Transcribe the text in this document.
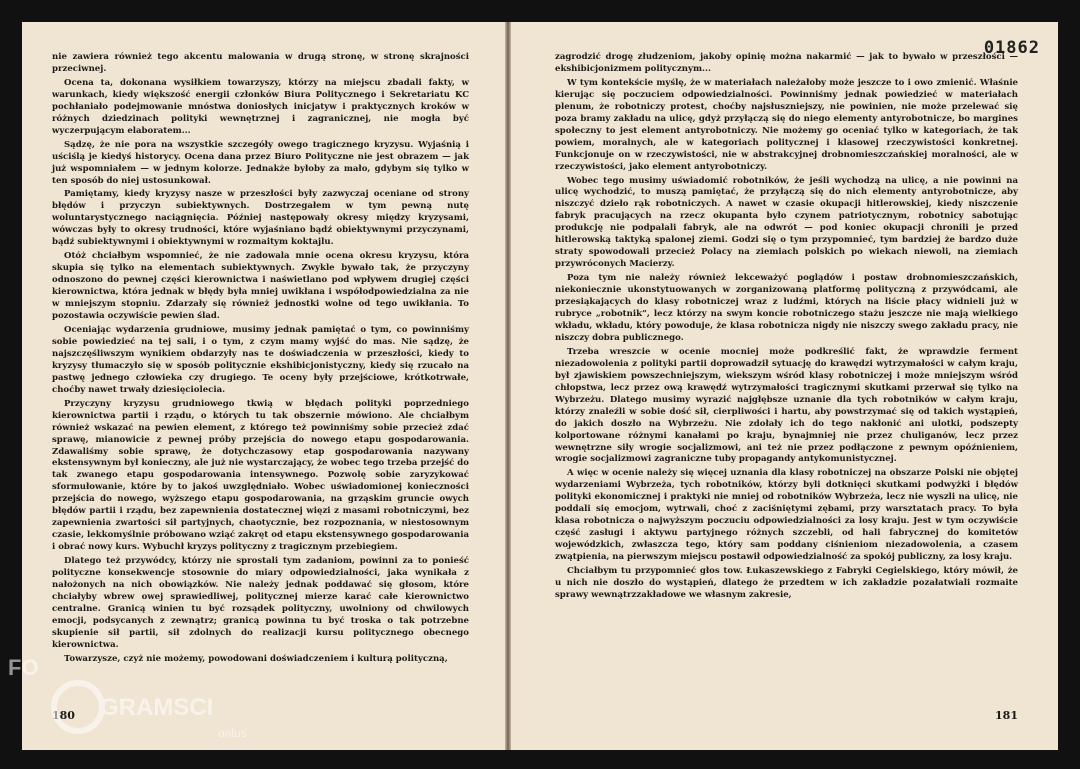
nie zawiera również tego akcentu malowania w drugą stronę, w stronę skrajności przeciwnej.

Ocena ta, dokonana wysiłkiem towarzyszy, którzy na miejscu zbadali fakty, w warunkach, kiedy większość energii członków Biura Politycznego i Sekretariatu KC pochłaniało podejmowanie mnóstwa doniosłych inicjatyw i praktycznych kroków w różnych dziedzinach polityki wewnętrznej i zagranicznej, nie mogła być wyczerpującym elaboratem...

Sądzę, że nie pora na wszystkie szczegóły owego tragicznego kryzysu. Wyjaśnią i uściślą je kiedyś historycy. Ocena dana przez Biuro Polityczne nie jest obrazem — jak już wspomniałem — w jednym kolorze. Jednakże byłoby za mało, gdybym się tylko w ten sposób do niej ustosunkował.

Pamiętamy, kiedy kryzysy nasze w przeszłości były zazwyczaj oceniane od strony błędów i przyczyn subiektywnych. Dostrzegałem w tym pewną nutę woluntarystycznego naciągnięcia. Później następowały okresy między kryzysami, wówczas były to okresy trudności, które wyjaśniano bądź obiektywnymi przyczynami, bądź subiektywnymi i obiektywnymi w rozmaitym koktajlu.

Otóż chciałbym wspomnieć, że nie zadowala mnie ocena okresu kryzysu, która skupia się tylko na elementach subiektywnych. Zwykle bywało tak, że przyczyny odnoszono do pewnej części kierownictwa i naświetlano pod wpływem drugiej części kierownictwa, która jednak w błędy była mniej uwikłana i współodpowiedzialna za nie w mniejszym stopniu. Zdarzały się również jednostki wolne od tego uwikłania. To pozostawia oczywiście pewien ślad.

Oceniając wydarzenia grudniowe, musimy jednak pamiętać o tym, co powinniśmy sobie powiedzieć na tej sali, i o tym, z czym mamy wyjść do mas. Nie sądzę, że najszczęśliwszym wynikiem obdarzyły nas te doświadczenia w przeszłości, kiedy to kryzysy tłumaczyło się w sposób politycznie ekshibicjonistyczny, kiedy się rzucało na pastwę jednego człowieka czy drugiego. Te oceny były przejściowe, krótkotrwałe, choćby nawet trwały dziesięciolecia.

Przyczyny kryzysu grudniowego tkwią w błędach polityki poprzedniego kierownictwa partii i rządu, o których tu tak obszernie mówiono. Ale chciałbym również wskazać na pewien element, z którego też powinniśmy sobie przecież zdać sprawę, mianowicie z pewnej próby przejścia do nowego etapu gospodarowania. Zdawaliśmy sobie sprawę, że dotychczasowy etap gospodarowania nazywany ekstensywnym był konieczny, ale już nie wystarczający, że wobec tego trzeba przejść do tak zwanego etapu gospodarowania intensywnego. Pozwolę sobie zaryzykować sformułowanie, które by to jakoś uwzględniało. Wobec uświadomionej konieczności przejścia do nowego, wyższego etapu gospodarowania, na grząskim gruncie owych błędów partii i rządu, bez zapewnienia dostatecznej więzi z masami robotniczymi, bez zapewnienia zwartości sił partyjnych, chaotycznie, bez rozpoznania, w niestosownym czasie, lekkomyślnie próbowano wziąć zakręt od etapu ekstensywnego gospodarowania i obrać nowy kurs. Wybuchł kryzys polityczny z tragicznym przebiegiem.

Dlatego też przywódcy, którzy nie sprostali tym zadaniom, powinni za to ponieść polityczne konsekwencje stosownie do miary odpowiedzialności, jaka wynikała z nałożonych na nich obowiązków. Nie należy jednak poddawać się głosom, które chciałyby wbrew owej sprawiedliwej, politycznej mierze karać całe kierownictwo centralne. Granicą winien tu być rozsądek polityczny, uwolniony od chwilowych emocji, podsycanych z zewnątrz; granicą powinna tu być troska o tak potrzebne skupienie sił partii, sił zdolnych do realizacji kursu politycznego obecnego kierownictwa.

Towarzysze, czyż nie możemy, powodowani doświadczeniem i kulturą polityczną,

180
01862

zagrodzić drogę złudzeniom, jakoby opinię można nakarmić — jak to bywało w przeszłości — ekshibicjonizmem politycznym...

W tym kontekście myślę, że w materiałach należałoby może jeszcze to i owo zmienić. Właśnie kierując się poczuciem odpowiedzialności. Powinniśmy jednak powiedzieć w materiałach plenum, że robotniczy protest, choćby najsłuszniejszy, nie powinien, nie może przelewać się poza bramy zakładu na ulicę, gdyż przyłączą się do niego elementy antyrobotnicze, bo margines społeczny to jest element antyrobotniczy. Nie możemy go oceniać tylko w kategoriach, że tak powiem, moralnych, ale w kategoriach politycznej i klasowej rzeczywistości konkretnej. Funkcjonuje on w rzeczywistości, nie w abstrakcyjnej drobnomieszczańskiej moralności, ale w rzeczywistości, jako element antyrobotniczy.

Wobec tego musimy uświadomić robotników, że jeśli wychodzą na ulicę, a nie powinni na ulicę wychodzić, to muszą pamiętać, że przyłączą się do nich elementy antyrobotnicze, aby niszczyć dzieło rąk robotniczych. A nawet w czasie okupacji hitlerowskiej, kiedy niszczenie fabryk pracujących na rzecz okupanta było czynem patriotycznym, robotnicy sabotując produkcję nie podpalali fabryk, ale na odwrót — pod koniec okupacji chronili je przed hitlerowską taktyką spalonej ziemi. Godzi się o tym przypomnieć, tym bardziej że bardzo duże straty spowodowali przecież Polacy na ziemiach polskich po wiekach niewoli, na ziemiach przywróconych Macierzy.

Poza tym nie należy również lekceważyć poglądów i postaw drobnomieszczańskich, niekoniecznie ukonstytuowanych w zorganizowaną platformę polityczną z przywódcami, ale przesiąkających do klasy robotniczej wraz z ludźmi, których na liście płacy widnieli już w rubryce „robotnik”, lecz którzy na swym koncie robotniczego stażu jeszcze nie mają wielkiego wkładu, wkładu, który powoduje, że klasa robotnicza nigdy nie niszczy swego zakładu pracy, nie niszczy dobra publicznego.

Trzeba wreszcie w ocenie mocniej może podkreślić fakt, że wprawdzie ferment niezadowolenia z polityki partii doprowadził sytuację do krawędzi wytrzymałości w całym kraju, był zjawiskiem powszechniejszym, wiekszym wśród klasy robotniczej i może mniejszym wśród chłopstwa, lecz przez ową krawędź wytrzymałości tragicznymi skutkami przerwał się tylko na Wybrzeżu. Dlatego musimy wyrazić najgłębsze uznanie dla tych robotników w całym kraju, którzy znaleźli w sobie dość sił, cierpliwości i hartu, aby powstrzymać się od takich wystąpień, do jakich doszło na Wybrzeżu. Nie zdołały ich do tego nakłonić ani ulotki, podszepty kolportowane różnymi kanałami po kraju, bynajmniej nie przez chuliganów, lecz przez wewnętrzne siły wrogie socjalizmowi, ani też nie przez podłączone z pewnym opóźnieniem, wrogie socjalizmowi zagraniczne tuby propagandy antykomunistycznej.

A więc w ocenie należy się więcej uznania dla klasy robotniczej na obszarze Polski nie objętej wydarzeniami Wybrzeża, tych robotników, którzy byli dotknięci skutkami podwyżki i błędów polityki ekonomicznej i praktyki nie mniej od robotników Wybrzeża, lecz nie wyszli na ulicę, nie poddali się emocjom, wytrwali, choć z zaciśniętymi zębami, przy warsztatach pracy. To była klasa robotnicza o najwyższym poczuciu odpowiedzialności za losy kraju. Jest w tym oczywiście część zasługi i aktywu partyjnego różnych szczebli, od hali fabrycznej do komitetów wojewódzkich, zwłaszcza tego, który sam poddany ciśnieniom niezadowolenia, a czasem zwątpienia, na pierwszym miejscu postawił odpowiedzialność za spokój publiczny, za losy kraju.

Chciałbym tu przypomnieć głos tow. Łukaszewskiego z Fabryki Cegielskiego, który mówił, że u nich nie doszło do wystąpień, dlatego że przedtem w ich zakładzie pozałatwiali rozmaite sprawy wewnątrzzakładowe we własnym zakresie,

181
FO
GRAMSCI
onlus
